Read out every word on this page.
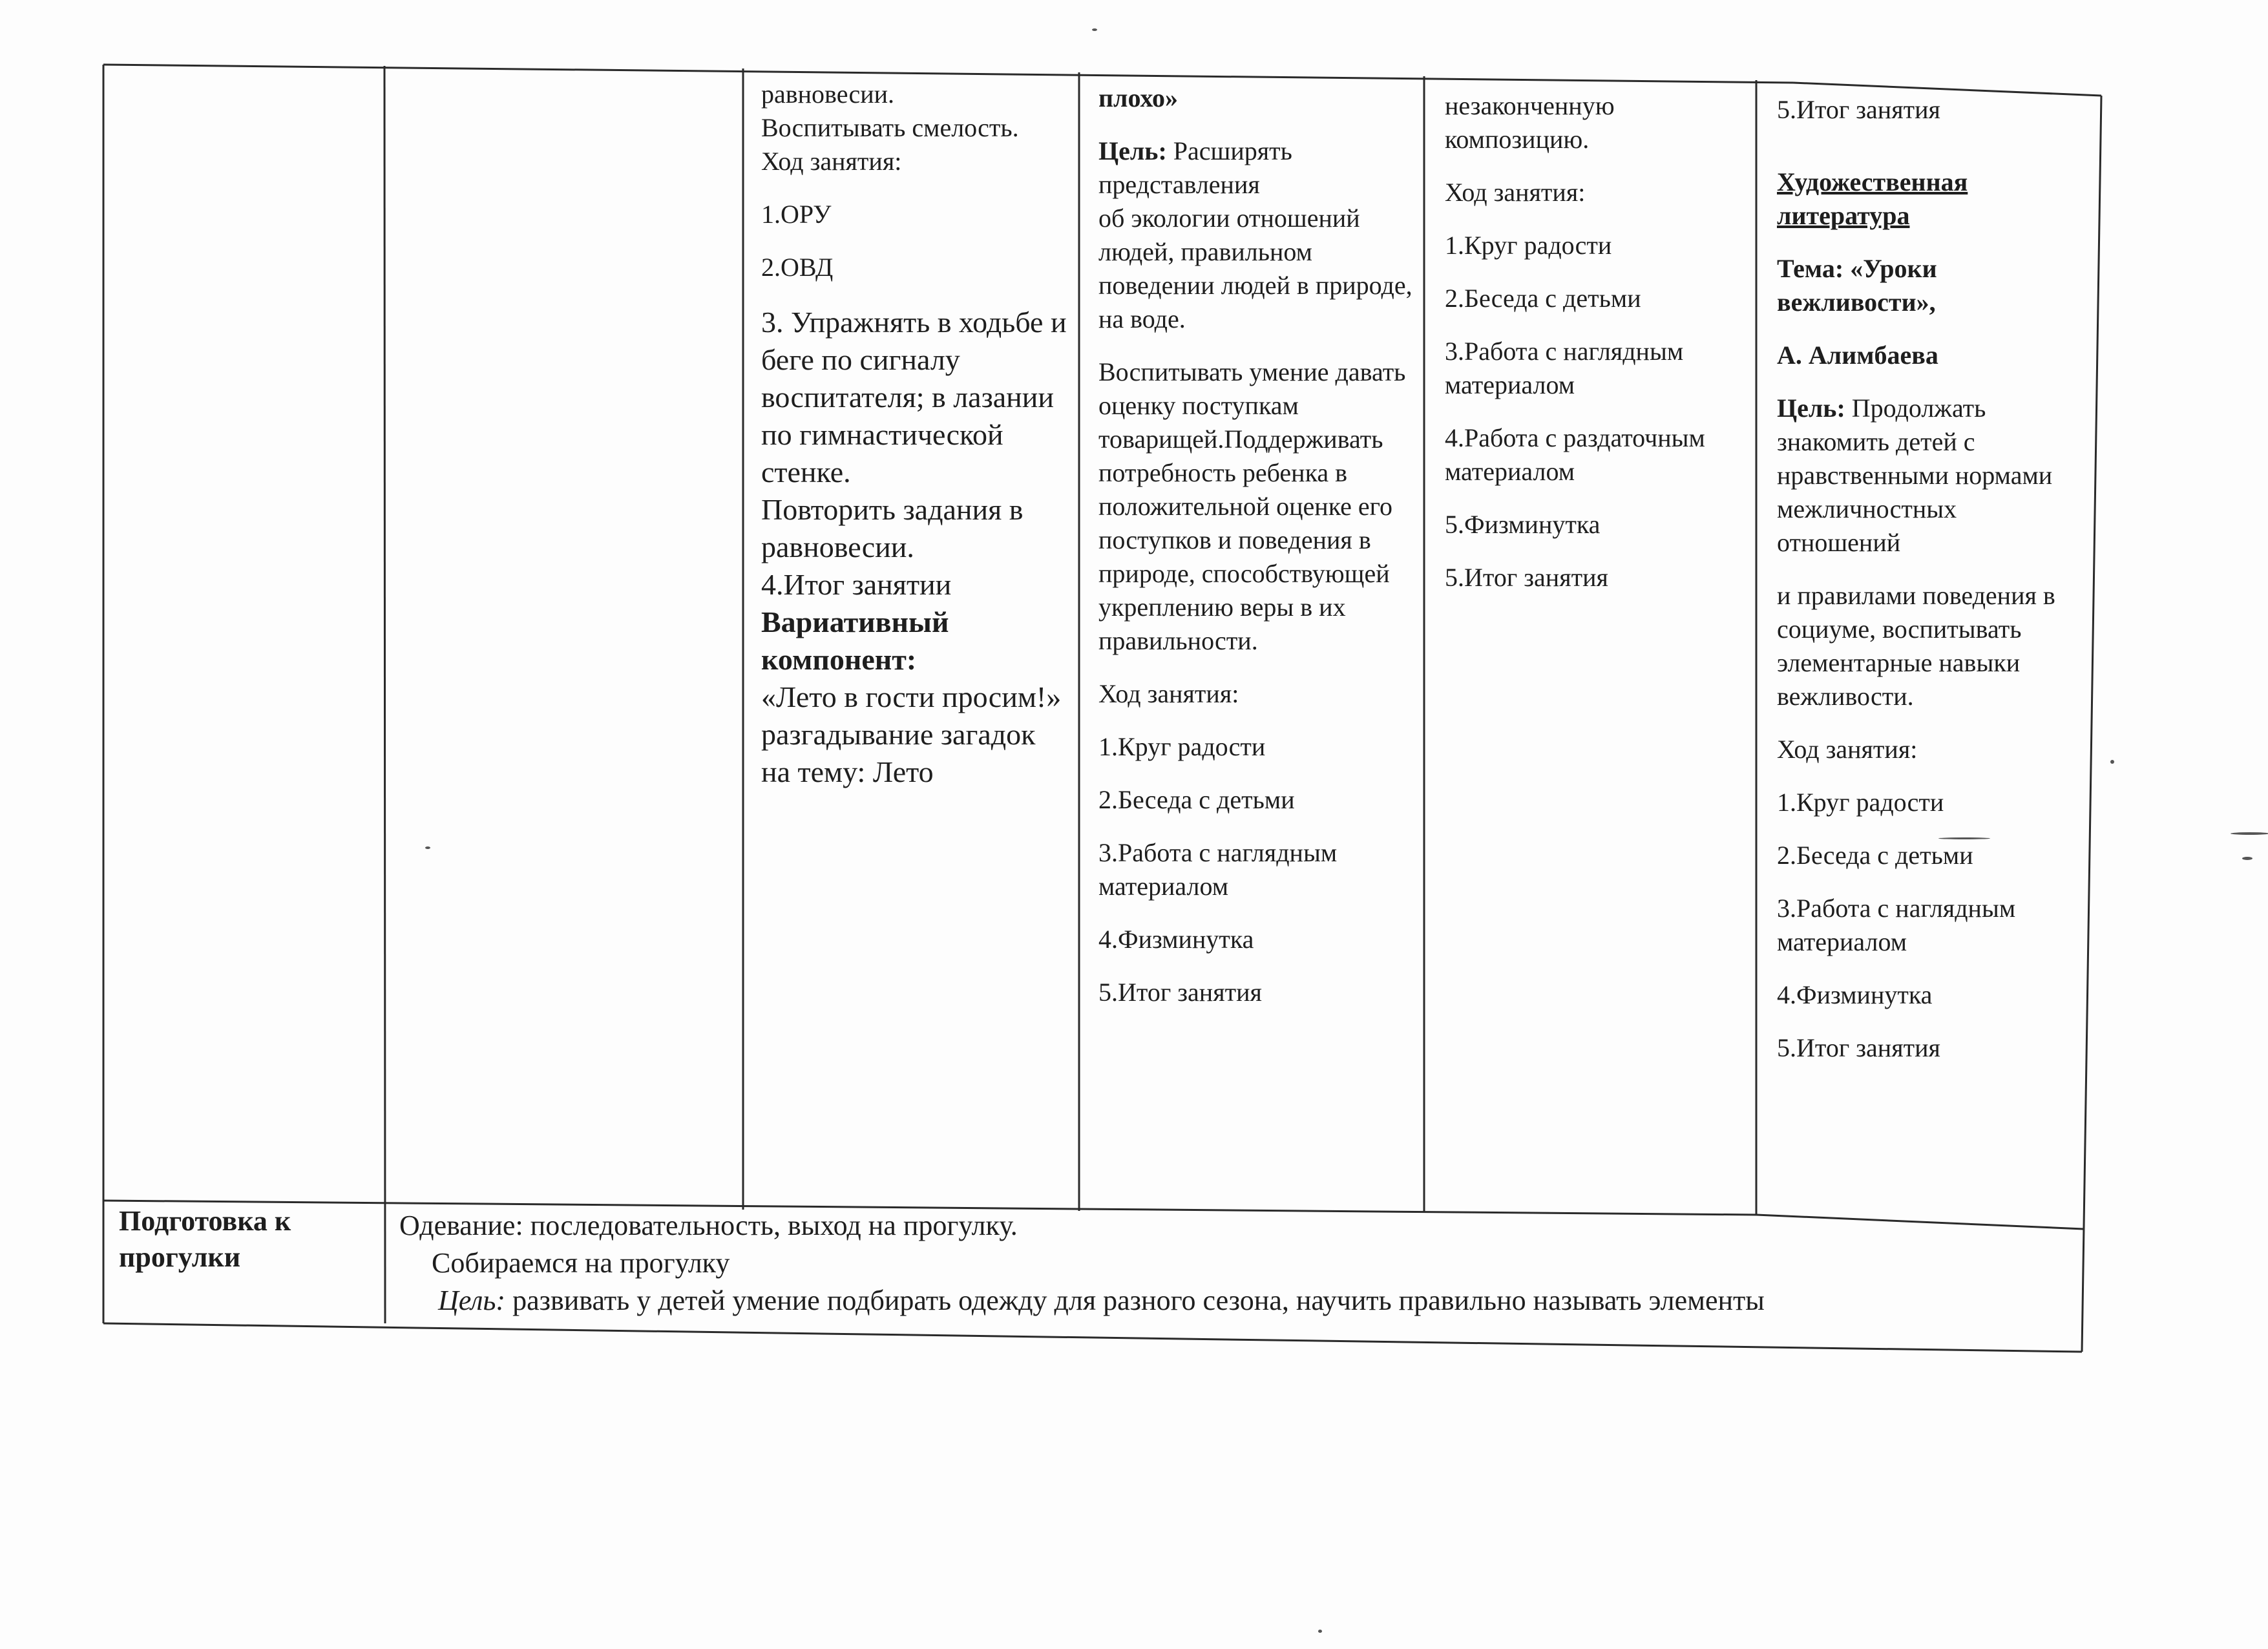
равновесии.

Воспитывать смелость.

Ход занятия:

1.ОРУ

2.ОВД

3. Упражнять в ходьбе и беге по сигналу воспитателя; в лазании по гимнастической стенке.

Повторить задания в равновесии.

4.Итог занятии

Вариативный компонент:

«Лето в гости просим!»

разгадывание загадок на тему: Лето

плохо»

Цель: Расширять представления
об экологии отношений людей, правильном поведении людей в природе, на воде.

Воспитывать умение давать оценку поступкам товарищей.Поддерживать потребность ребенка в положительной оценке его поступков и поведения в природе, способствующей укреплению веры в их правильности.

Ход занятия:

1.Круг радости

2.Беседа с детьми

3.Работа с наглядным материалом

4.Физминутка

5.Итог занятия

незаконченную композицию.

Ход занятия:

1.Круг радости

2.Беседа с детьми

3.Работа с наглядным материалом

4.Работа с раздаточным материалом

5.Физминутка

5.Итог занятия

5.Итог занятия

Художественная литература

Тема: «Уроки вежливости»,

А. Алимбаева

Цель: Продолжать знакомить детей с нравственными нормами межличностных отношений

и правилами поведения в социуме, воспитывать элементарные навыки вежливости.

Ход занятия:

1.Круг радости

2.Беседа с детьми

3.Работа с наглядным материалом

4.Физминутка

5.Итог занятия

Подготовка к прогулки
Одевание: последовательность, выход на прогулку.
Собираемся на прогулку
Цель: развивать у детей умение подбирать одежду для разного сезона, научить правильно называть элементы
